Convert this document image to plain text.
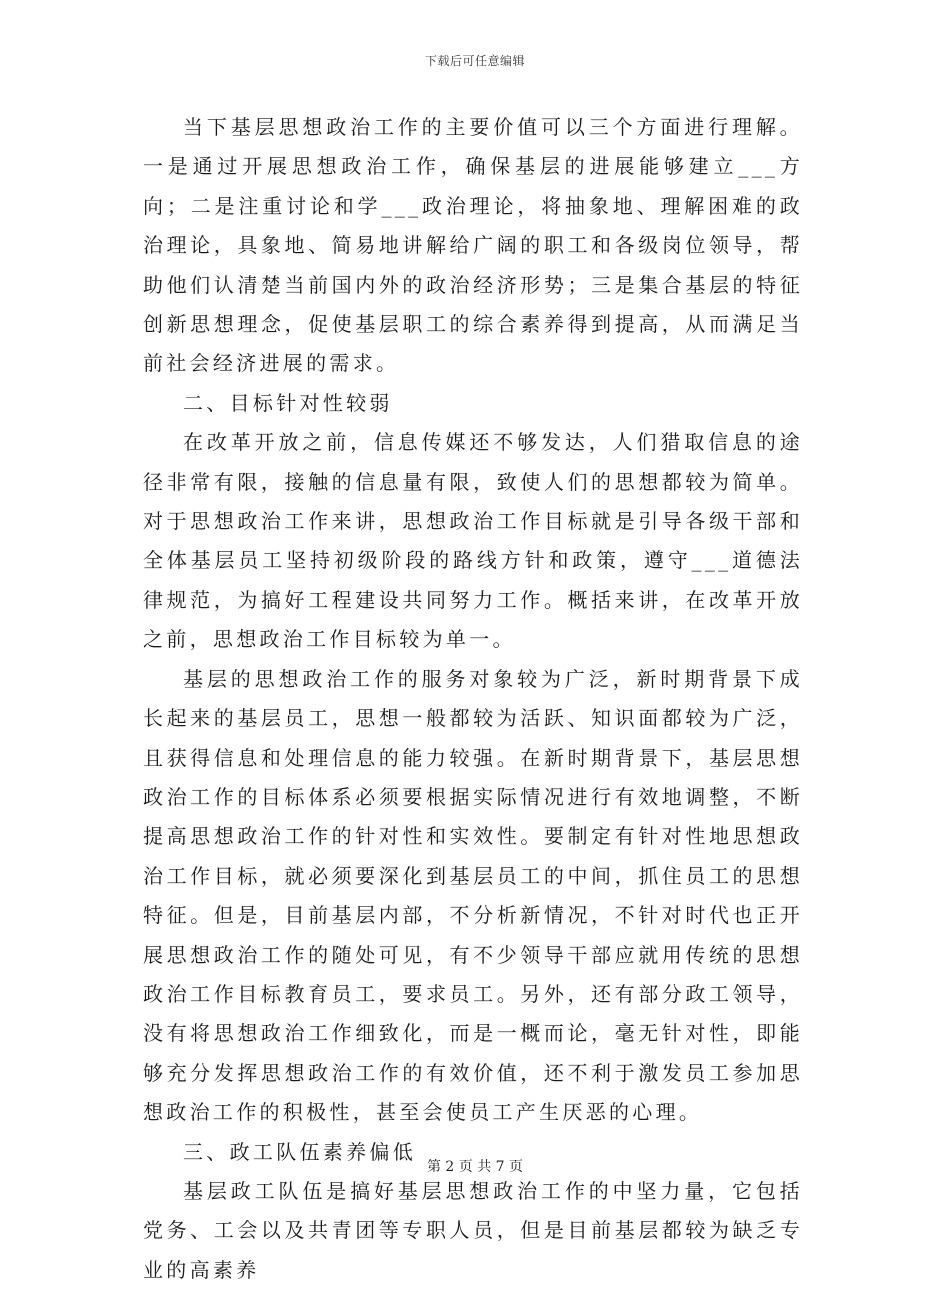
下载后可任意编辑

当下基层思想政治工作的主要价值可以三个方面进行理解。一是通过开展思想政治工作，确保基层的进展能够建立___方向；二是注重讨论和学___政治理论，将抽象地、理解困难的政治理论，具象地、简易地讲解给广阔的职工和各级岗位领导，帮助他们认清楚当前国内外的政治经济形势；三是集合基层的特征创新思想理念，促使基层职工的综合素养得到提高，从而满足当前社会经济进展的需求。

二、目标针对性较弱

在改革开放之前，信息传媒还不够发达，人们猎取信息的途径非常有限，接触的信息量有限，致使人们的思想都较为简单。对于思想政治工作来讲，思想政治工作目标就是引导各级干部和全体基层员工坚持初级阶段的路线方针和政策，遵守___道德法律规范，为搞好工程建设共同努力工作。概括来讲，在改革开放之前，思想政治工作目标较为单一。

基层的思想政治工作的服务对象较为广泛，新时期背景下成长起来的基层员工，思想一般都较为活跃、知识面都较为广泛，且获得信息和处理信息的能力较强。在新时期背景下，基层思想政治工作的目标体系必须要根据实际情况进行有效地调整，不断提高思想政治工作的针对性和实效性。要制定有针对性地思想政治工作目标，就必须要深化到基层员工的中间，抓住员工的思想特征。但是，目前基层内部，不分析新情况，不针对时代也正开展思想政治工作的随处可见，有不少领导干部应就用传统的思想政治工作目标教育员工，要求员工。另外，还有部分政工领导，没有将思想政治工作细致化，而是一概而论，毫无针对性，即能够充分发挥思想政治工作的有效价值，还不利于激发员工参加思想政治工作的积极性，甚至会使员工产生厌恶的心理。

三、政工队伍素养偏低

基层政工队伍是搞好基层思想政治工作的中坚力量，它包括党务、工会以及共青团等专职人员，但是目前基层都较为缺乏专业的高素养

第 2 页 共 7 页
